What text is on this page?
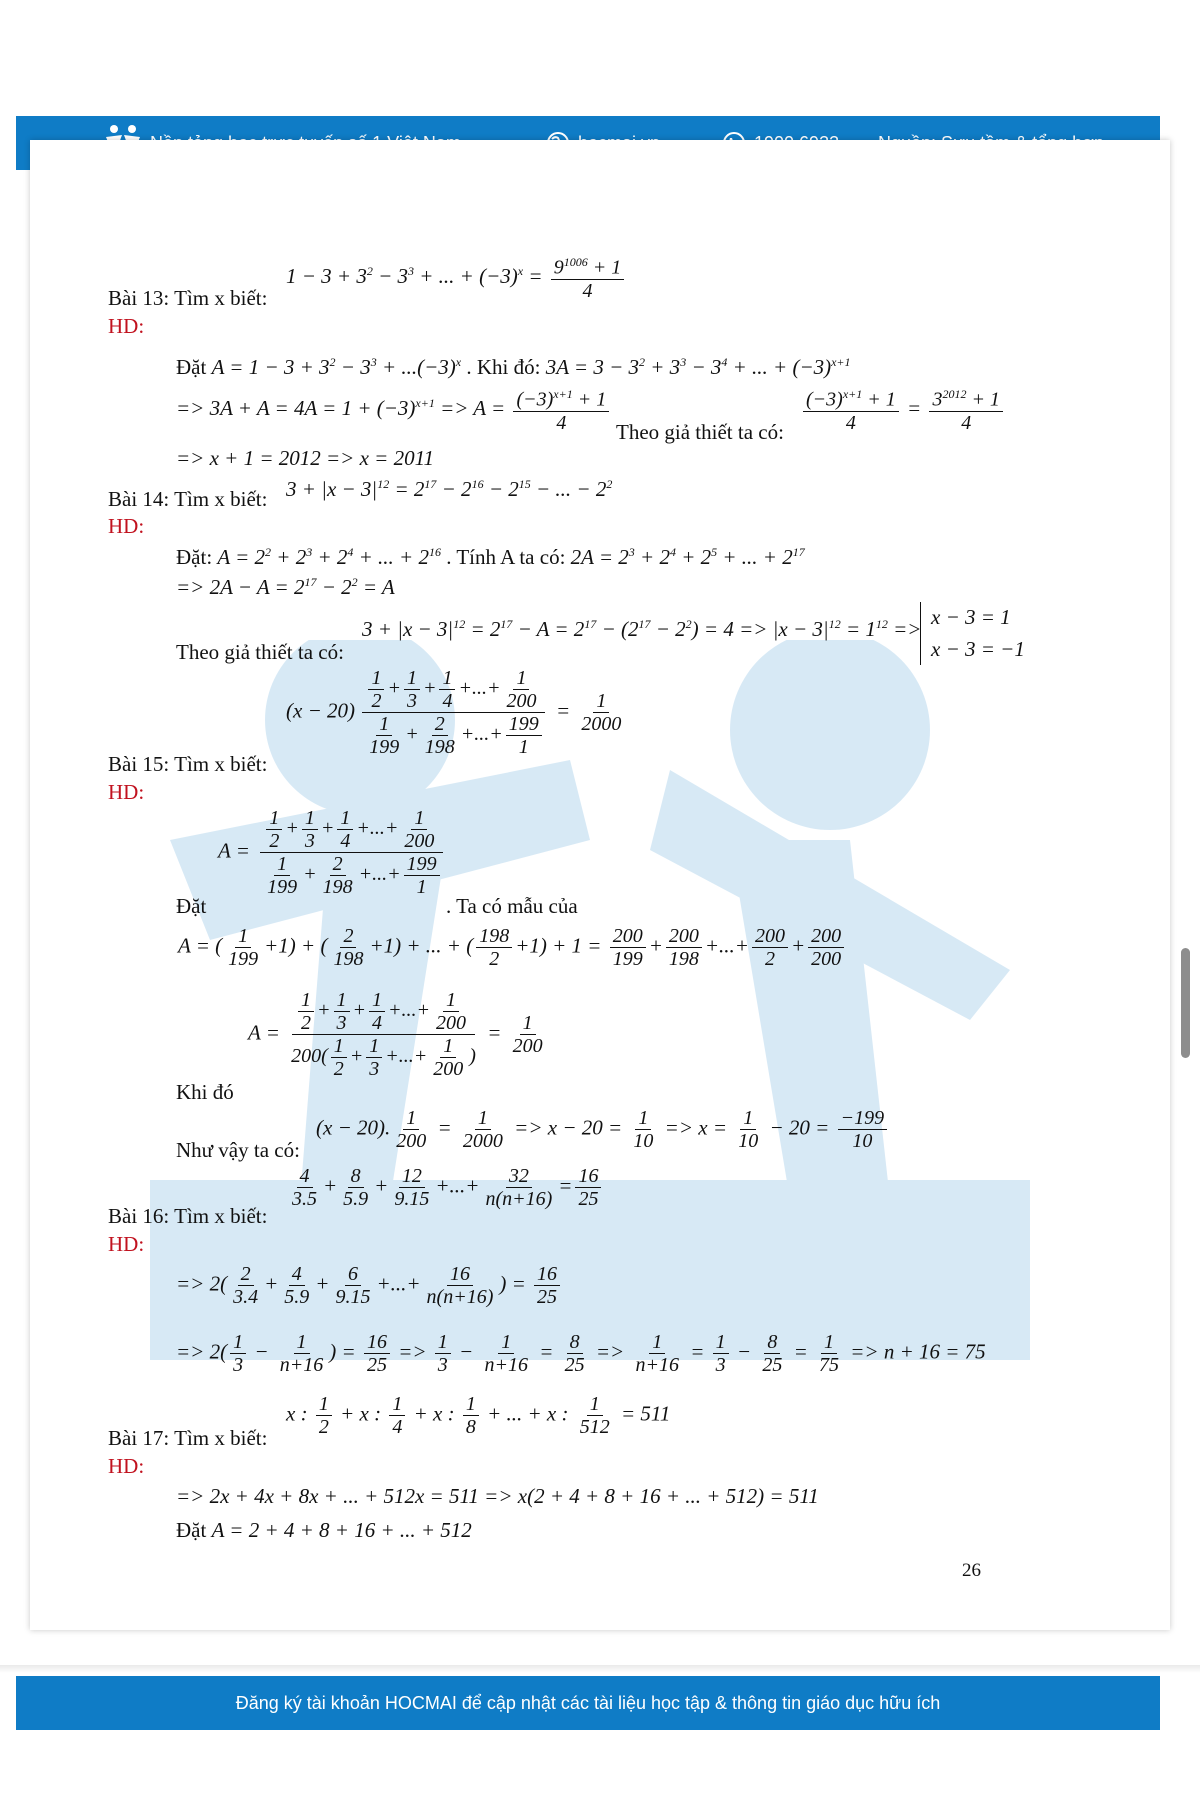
Bài 13: Tìm x biết:
$1 - 3 + 3^2 - 3^3$ + ... + $(-3)^x = \frac{9^{1006} + 1}{4}$
HD:
Đặt $A = 1 - 3 + 3^2 - 3^3 + ...(-3)^x$ . Khi đó: $3A = 3 - 3^2 + 3^3 - 3^4$ + ... + $(-3)^{x+1}$
=> $3A + A = 4A = 1 + (-3)^{x+1} => A = \frac{(-3)^{x+1} + 1}{4}$ Theo giả thiết ta có: $\frac{(-3)^{x+1} + 1}{4} = \frac{3^{2012} + 1}{4}$
=> x + 1 = 2012 => x = 2011
Bài 14: Tìm x biết: $3 + |x - 3|^{12} = 2^{17} - 2^{16} - 2^{15}$ − ... − $2^2$
HD:
Đặt: $A = 2^2 + 2^3 + 2^4$ + ... + $2^{16}$ . Tính A ta có: $2A = 2^3 + 2^4 + 2^5$ + ... + $2^{17}$
=> $2A - A = 2^{17} - 2^2 = A$
$3 + |x - 3|^{12} = 2^{17} - A = 2^{17} - (2^{17} - 2^2) = 4 => |x - 3|^{12} = 1^{12} => x - 3 = 1$
x − 3 = −1
Theo giả thiết ta có:
$(x - 20) \frac{\frac{1}{2} + \frac{1}{3} + \frac{1}{4} +...+ \frac{1}{200}}{\frac{1}{199} + \frac{2}{198} +...+ \frac{199}{1}} = \frac{1}{2000}$
Bài 15: Tìm x biết:
HD:
$A = \frac{\frac{1}{2} + \frac{1}{3} + \frac{1}{4} +...+ \frac{1}{200}}{\frac{1}{199} + \frac{2}{198} +...+ \frac{199}{1}}$
Đặt	. Ta có mẫu của
A = ( $\frac{1}{199} +1$) + ( $\frac{2}{198} +1$) + ... + ( $\frac{198}{2} +1) + 1 = \frac{200}{199} + \frac{200}{198}$ +...+ $\frac{200}{2} + \frac{200}{200}$
$A = \frac{\frac{1}{2} + \frac{1}{3} + \frac{1}{4} +...+ \frac{1}{200}}{200( \frac{1}{2} + \frac{1}{3} +...+ \frac{1}{200} )} = \frac{1}{200}$
Khi đó
Như vậy ta có:
(x − 20). $\frac{1}{200} = \frac{1}{2000} => x - 20 = \frac{1}{10} => x = \frac{1}{10} - 20 = \frac{-199}{10}$
$\frac{4}{3.5} + \frac{8}{5.9} + \frac{12}{9.15}$ +...+ $\frac{32}{n(n+16)} = \frac{16}{25}$
Bài 16: Tìm x biết:
HD:
=> $2( \frac{2}{3.4} + \frac{4}{5.9} + \frac{6}{9.15}$ +...+ $\frac{16}{n(n+16)}$ ) = $\frac{16}{25}$
=> $2( \frac{1}{3} - \frac{1}{n+16}$ ) = $\frac{16}{25} => \frac{1}{3} - \frac{1}{n+16} = \frac{8}{25} => \frac{1}{n+16} = \frac{1}{3} - \frac{8}{25} = \frac{1}{75} => n + 16 = 75$
x : $\frac{1}{2} + x$ : $\frac{1}{4} + x$ : $\frac{1}{8}$ + ... + x : $\frac{1}{512} = 511$
Bài 17: Tìm x biết:
HD:
=> 2x + 4x + 8x + ... + 512x = 511 => x(2 + 4 + 8 + 16 + ... + 512) = 511
Đặt A = 2 + 4 + 8 + 16 + ... + 512
26
Đăng ký tài khoản HOCMAI để cập nhật các tài liệu học tập & thông tin giáo dục hữu ích
